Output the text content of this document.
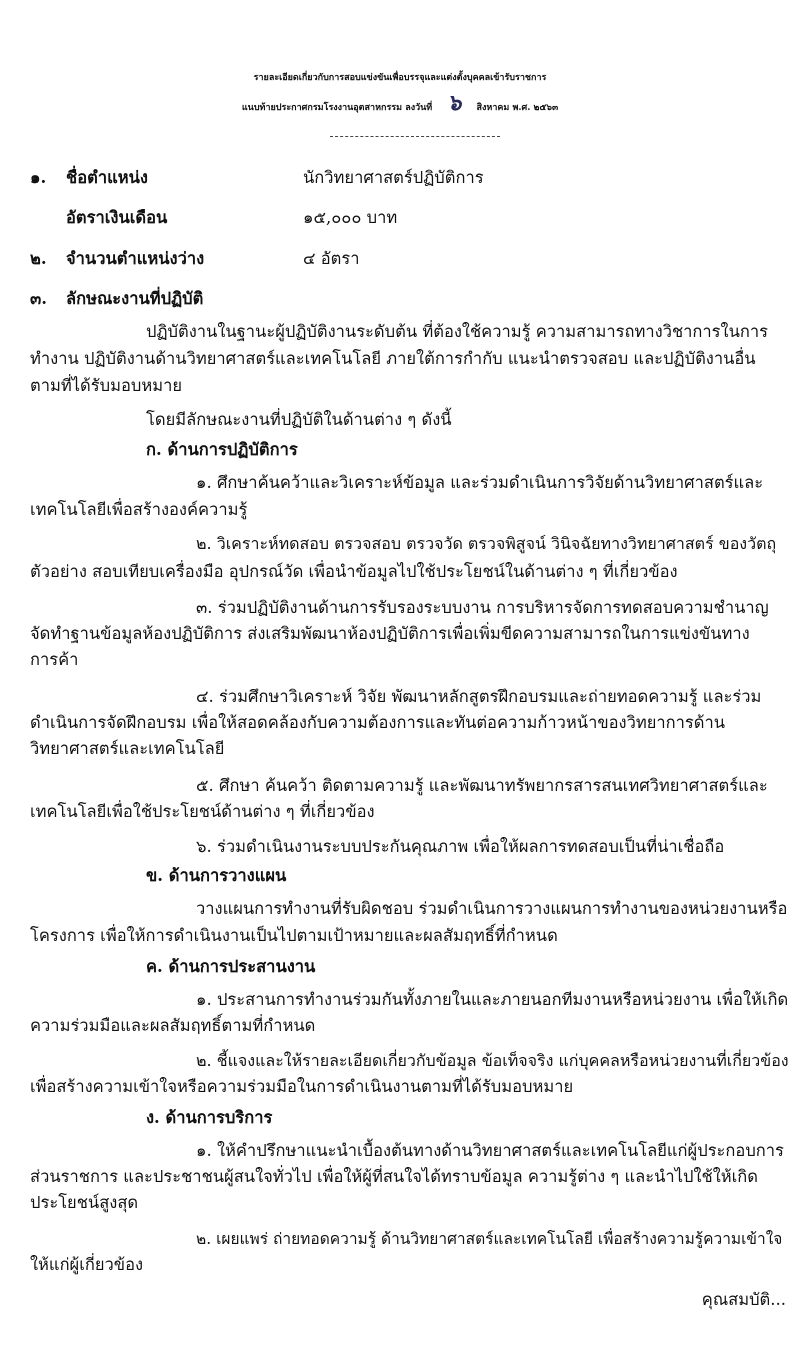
รายละเอียดเกี่ยวกับการสอบแข่งขันเพื่อบรรจุและแต่งตั้งบุคคลเข้ารับราชการ
แนบท้ายประกาศกรมโรงงานอุตสาหกรรม ลงวันที่ ๖ สิงหาคม พ.ศ. ๒๕๖๓
๑. ชื่อตำแหน่ง	นักวิทยาศาสตร์ปฏิบัติการ
อัตราเงินเดือน	๑๕,๐๐๐ บาท
๒. จำนวนตำแหน่งว่าง	๔ อัตรา
๓. ลักษณะงานที่ปฏิบัติ
ปฏิบัติงานในฐานะผู้ปฏิบัติงานระดับต้น ที่ต้องใช้ความรู้ ความสามารถทางวิชาการในการ
ทำงาน ปฏิบัติงานด้านวิทยาศาสตร์และเทคโนโลยี ภายใต้การกำกับ แนะนำตรวจสอบ และปฏิบัติงานอื่น
ตามที่ได้รับมอบหมาย
โดยมีลักษณะงานที่ปฏิบัติในด้านต่าง ๆ ดังนี้
ก. ด้านการปฏิบัติการ
๑. ศึกษาค้นคว้าและวิเคราะห์ข้อมูล และร่วมดำเนินการวิจัยด้านวิทยาศาสตร์และ
เทคโนโลยีเพื่อสร้างองค์ความรู้
๒. วิเคราะห์ทดสอบ ตรวจสอบ ตรวจวัด ตรวจพิสูจน์ วินิจฉัยทางวิทยาศาสตร์ ของวัตถุ
ตัวอย่าง สอบเทียบเครื่องมือ อุปกรณ์วัด เพื่อนำข้อมูลไปใช้ประโยชน์ในด้านต่าง ๆ ที่เกี่ยวข้อง
๓. ร่วมปฏิบัติงานด้านการรับรองระบบงาน การบริหารจัดการทดสอบความชำนาญ
จัดทำฐานข้อมูลห้องปฏิบัติการ ส่งเสริมพัฒนาห้องปฏิบัติการเพื่อเพิ่มขีดความสามารถในการแข่งขันทาง
การค้า
๔. ร่วมศึกษาวิเคราะห์ วิจัย พัฒนาหลักสูตรฝึกอบรมและถ่ายทอดความรู้ และร่วม
ดำเนินการจัดฝึกอบรม เพื่อให้สอดคล้องกับความต้องการและทันต่อความก้าวหน้าของวิทยาการด้าน
วิทยาศาสตร์และเทคโนโลยี
๕. ศึกษา ค้นคว้า ติดตามความรู้ และพัฒนาทรัพยากรสารสนเทศวิทยาศาสตร์และ
เทคโนโลยีเพื่อใช้ประโยชน์ด้านต่าง ๆ ที่เกี่ยวข้อง
๖. ร่วมดำเนินงานระบบประกันคุณภาพ เพื่อให้ผลการทดสอบเป็นที่น่าเชื่อถือ
ข. ด้านการวางแผน
วางแผนการทำงานที่รับผิดชอบ ร่วมดำเนินการวางแผนการทำงานของหน่วยงานหรือ
โครงการ เพื่อให้การดำเนินงานเป็นไปตามเป้าหมายและผลสัมฤทธิ์ที่กำหนด
ค. ด้านการประสานงาน
๑. ประสานการทำงานร่วมกันทั้งภายในและภายนอกทีมงานหรือหน่วยงาน เพื่อให้เกิด
ความร่วมมือและผลสัมฤทธิ์ตามที่กำหนด
๒. ชี้แจงและให้รายละเอียดเกี่ยวกับข้อมูล ข้อเท็จจริง แก่บุคคลหรือหน่วยงานที่เกี่ยวข้อง
เพื่อสร้างความเข้าใจหรือความร่วมมือในการดำเนินงานตามที่ได้รับมอบหมาย
ง. ด้านการบริการ
๑. ให้คำปรึกษาแนะนำเบื้องต้นทางด้านวิทยาศาสตร์และเทคโนโลยีแก่ผู้ประกอบการ
ส่วนราชการ และประชาชนผู้สนใจทั่วไป เพื่อให้ผู้ที่สนใจได้ทราบข้อมูล ความรู้ต่าง ๆ และนำไปใช้ให้เกิด
ประโยชน์สูงสุด
๒. เผยแพร่ ถ่ายทอดความรู้ ด้านวิทยาศาสตร์และเทคโนโลยี เพื่อสร้างความรู้ความเข้าใจ
ให้แก่ผู้เกี่ยวข้อง
คุณสมบัติ...
